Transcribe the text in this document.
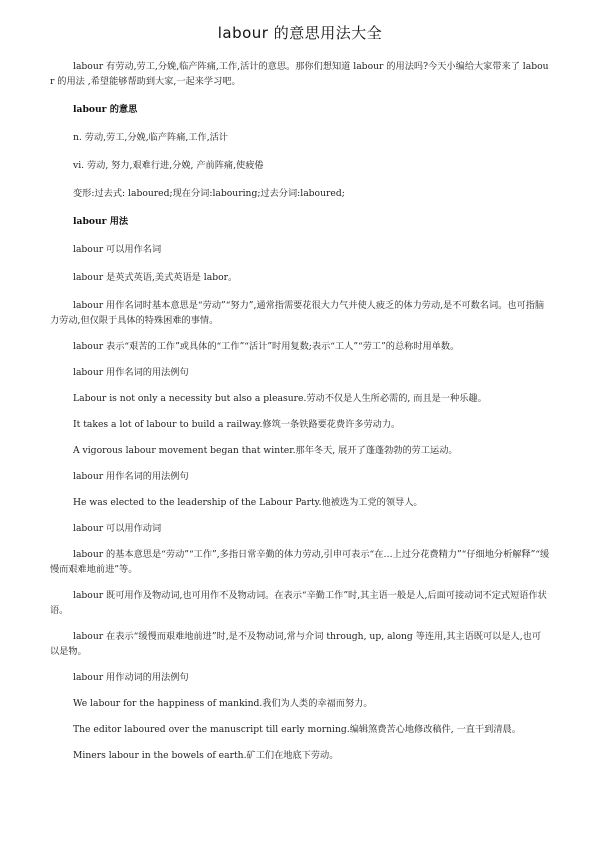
labour 的意思用法大全

labour 有劳动,劳工,分娩,临产阵痛,工作,活计的意思。那你们想知道 labour 的用法吗?今天小编给大家带来了 labour 的用法 ,希望能够帮助到大家,一起来学习吧。

labour 的意思

n. 劳动,劳工,分娩,临产阵痛,工作,活计

vi. 劳动, 努力,艰难行进,分娩, 产前阵痛,使疲倦

变形:过去式: laboured;现在分词:labouring;过去分词:laboured;

labour 用法

labour 可以用作名词

labour 是英式英语,美式英语是 labor。

labour 用作名词时基本意思是“劳动”“努力”,通常指需要花很大力气并使人疲乏的体力劳动,是不可数名词。也可指脑力劳动,但仅限于具体的特殊困难的事情。

labour 表示“艰苦的工作”或具体的“工作”“活计”时用复数;表示“工人”“劳工”的总称时用单数。

labour 用作名词的用法例句

Labour is not only a necessity but also a pleasure.劳动不仅是人生所必需的, 而且是一种乐趣。

It takes a lot of labour to build a railway.修筑一条铁路要花费许多劳动力。

A vigorous labour movement began that winter.那年冬天, 展开了蓬蓬勃勃的劳工运动。

labour 用作名词的用法例句

He was elected to the leadership of the Labour Party.他被选为工党的领导人。

labour 可以用作动词

labour 的基本意思是“劳动”“工作”,多指日常辛勤的体力劳动,引申可表示“在…上过分花费精力”“仔细地分析解释”“缓慢而艰难地前进”等。

labour 既可用作及物动词,也可用作不及物动词。在表示“辛勤工作”时,其主语一般是人,后面可接动词不定式短语作状语。

labour 在表示“缓慢而艰难地前进”时,是不及物动词,常与介词 through, up, along 等连用,其主语既可以是人,也可以是物。

labour 用作动词的用法例句

We labour for the happiness of mankind.我们为人类的幸福而努力。

The editor laboured over the manuscript till early morning.编辑煞费苦心地修改稿件, 一直干到清晨。

Miners labour in the bowels of earth.矿工们在地底下劳动。
